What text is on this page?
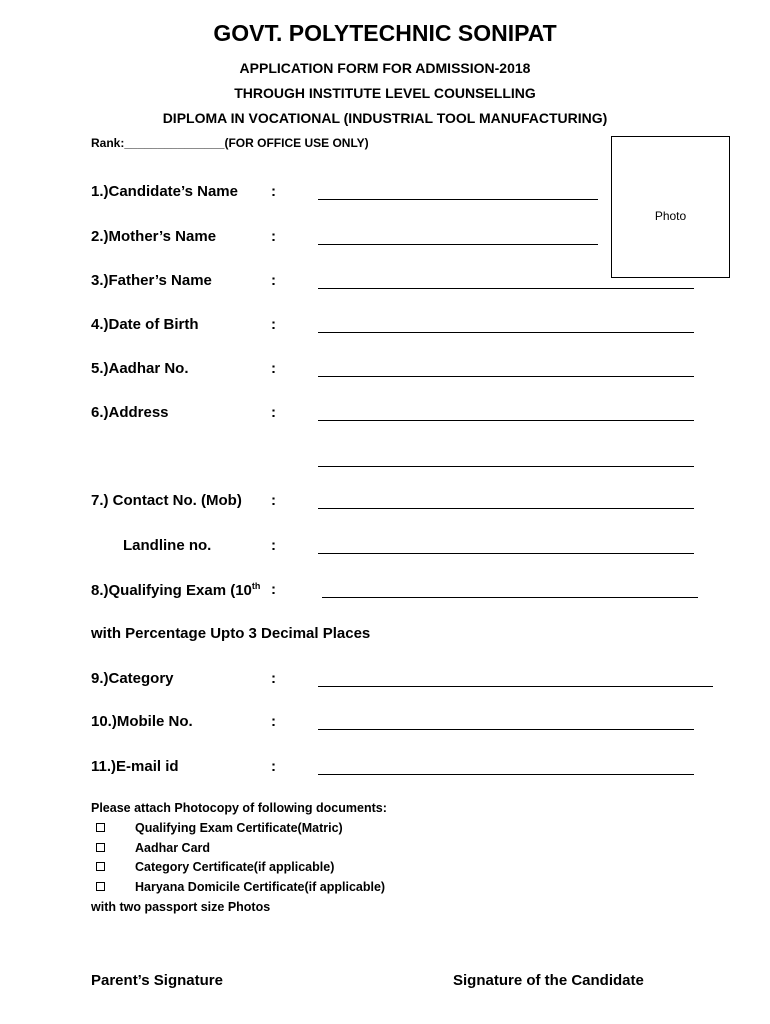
GOVT. POLYTECHNIC SONIPAT
APPLICATION FORM FOR ADMISSION-2018
THROUGH INSTITUTE LEVEL COUNSELLING
DIPLOMA IN VOCATIONAL (INDUSTRIAL TOOL MANUFACTURING)
Rank:_______________(FOR OFFICE USE ONLY)
Photo
1.)Candidate’s Name :
2.)Mother’s Name	:
3.)Father’s Name	:
4.)Date of Birth	:
5.)Aadhar No.	:
6.)Address	:
7.) Contact No. (Mob) :
Landline no.	:
8.)Qualifying Exam (10th :
with Percentage Upto 3 Decimal Places
9.)Category	:
10.)Mobile No.	:
11.)E-mail id	:
Please attach Photocopy of following documents:
Qualifying Exam Certificate(Matric)
Aadhar Card
Category Certificate(if applicable)
Haryana Domicile Certificate(if applicable)
with two passport size Photos
Parent’s Signature	Signature of the Candidate
